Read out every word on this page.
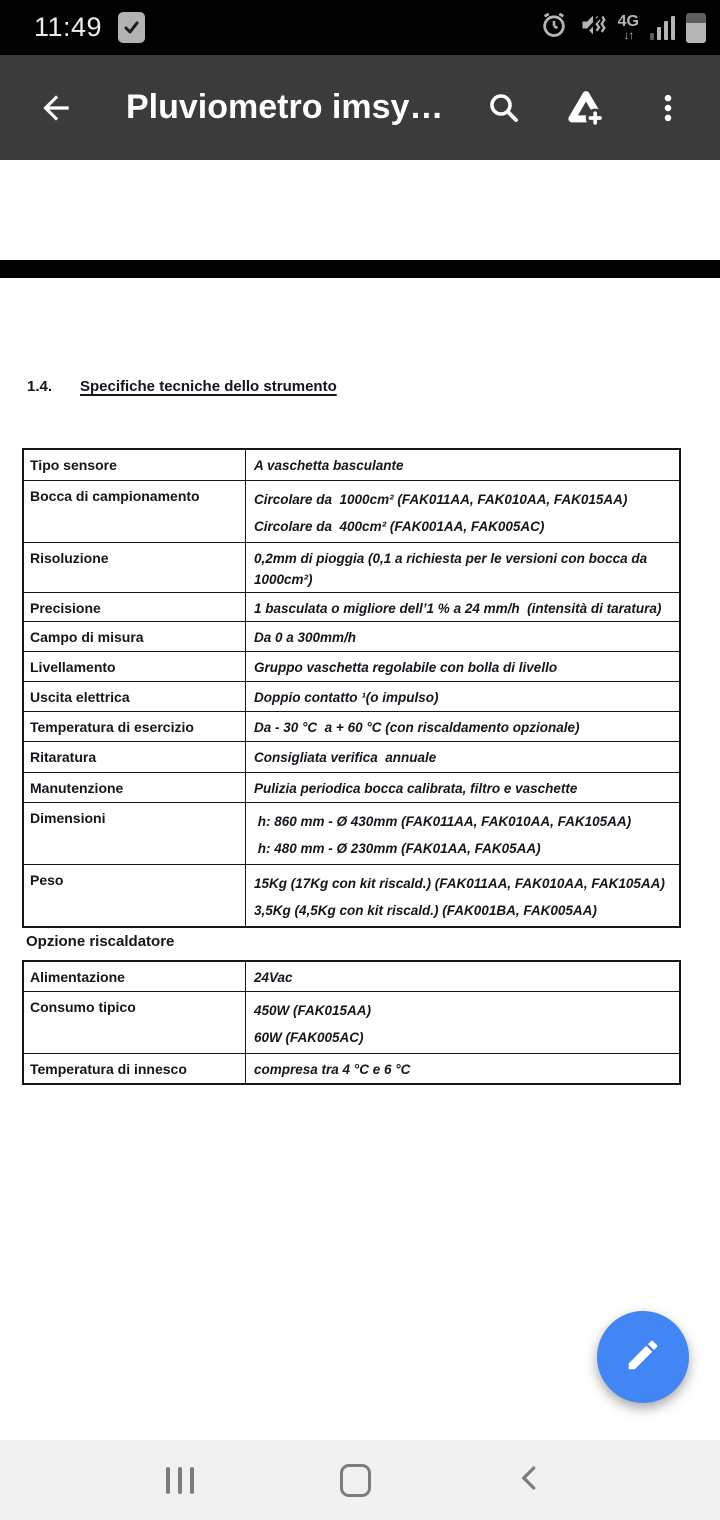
11:49	4G
↓↑
Pluviometro imsy…
1.4.	Specifiche tecniche dello strumento
Tipo sensore	A vaschetta basculante
Bocca di campionamento	Circolare da  1000cm² (FAK011AA, FAK010AA, FAK015AA)
Circolare da  400cm² (FAK001AA, FAK005AC)
Risoluzione	0,2mm di pioggia (0,1 a richiesta per le versioni con bocca da 1000cm²)
Precisione	1 basculata o migliore dell’1 % a 24 mm/h  (intensità di taratura)
Campo di misura	Da 0 a 300mm/h
Livellamento	Gruppo vaschetta regolabile con bolla di livello
Uscita elettrica	Doppio contatto ¹(o impulso)
Temperatura di esercizio	Da - 30 °C  a + 60 °C (con riscaldamento opzionale)
Ritaratura	Consigliata verifica  annuale
Manutenzione	Pulizia periodica bocca calibrata, filtro e vaschette
Dimensioni	h: 860 mm - Ø 430mm (FAK011AA, FAK010AA, FAK105AA)
h: 480 mm - Ø 230mm (FAK01AA, FAK05AA)
Peso	15Kg (17Kg con kit riscald.) (FAK011AA, FAK010AA, FAK105AA)
3,5Kg (4,5Kg con kit riscald.) (FAK001BA, FAK005AA)
Opzione riscaldatore
Alimentazione	24Vac
Consumo tipico	450W (FAK015AA)
60W (FAK005AC)
Temperatura di innesco	compresa tra 4 °C e 6 °C
